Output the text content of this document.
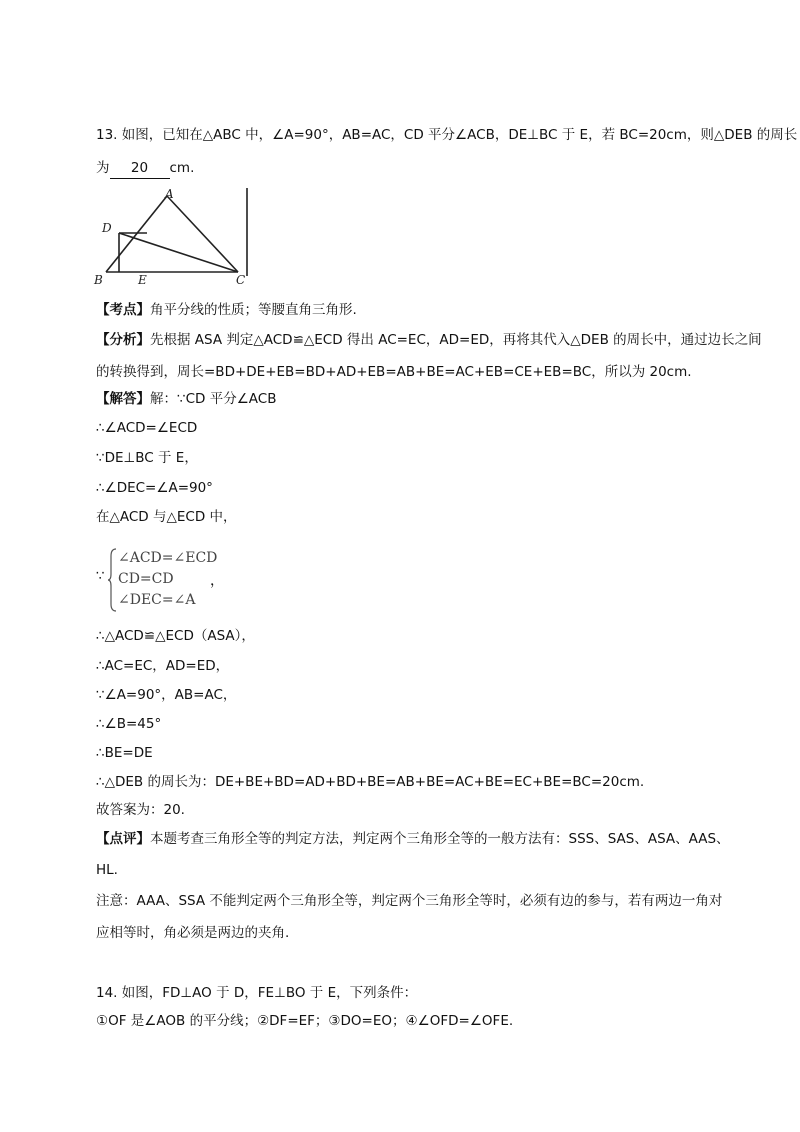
13. 如图，已知在△ABC 中，∠A=90°，AB=AC，CD 平分∠ACB，DE⊥BC 于 E，若 BC=20cm，则△DEB 的周长
为 20 cm.
A
D
B	E	C
【考点】角平分线的性质；等腰直角三角形.
【分析】先根据 ASA 判定△ACD≌△ECD 得出 AC=EC，AD=ED，再将其代入△DEB 的周长中，通过边长之间
的转换得到，周长=BD+DE+EB=BD+AD+EB=AB+BE=AC+EB=CE+EB=BC，所以为 20cm.
【解答】解：∵CD 平分∠ACB
∴∠ACD=∠ECD
∵DE⊥BC 于 E，
∴∠DEC=∠A=90°
在△ACD 与△ECD 中，
∵
∠ACD=∠ECD
CD=CD
∠DEC=∠A
，
∴△ACD≌△ECD（ASA），
∴AC=EC，AD=ED，
∵∠A=90°，AB=AC，
∴∠B=45°
∴BE=DE
∴△DEB 的周长为：DE+BE+BD=AD+BD+BE=AB+BE=AC+BE=EC+BE=BC=20cm.
故答案为：20.
【点评】本题考查三角形全等的判定方法，判定两个三角形全等的一般方法有：SSS、SAS、ASA、AAS、
HL.
注意：AAA、SSA 不能判定两个三角形全等，判定两个三角形全等时，必须有边的参与，若有两边一角对
应相等时，角必须是两边的夹角.
14. 如图，FD⊥AO 于 D，FE⊥BO 于 E，下列条件：
①OF 是∠AOB 的平分线；②DF=EF；③DO=EO；④∠OFD=∠OFE.
